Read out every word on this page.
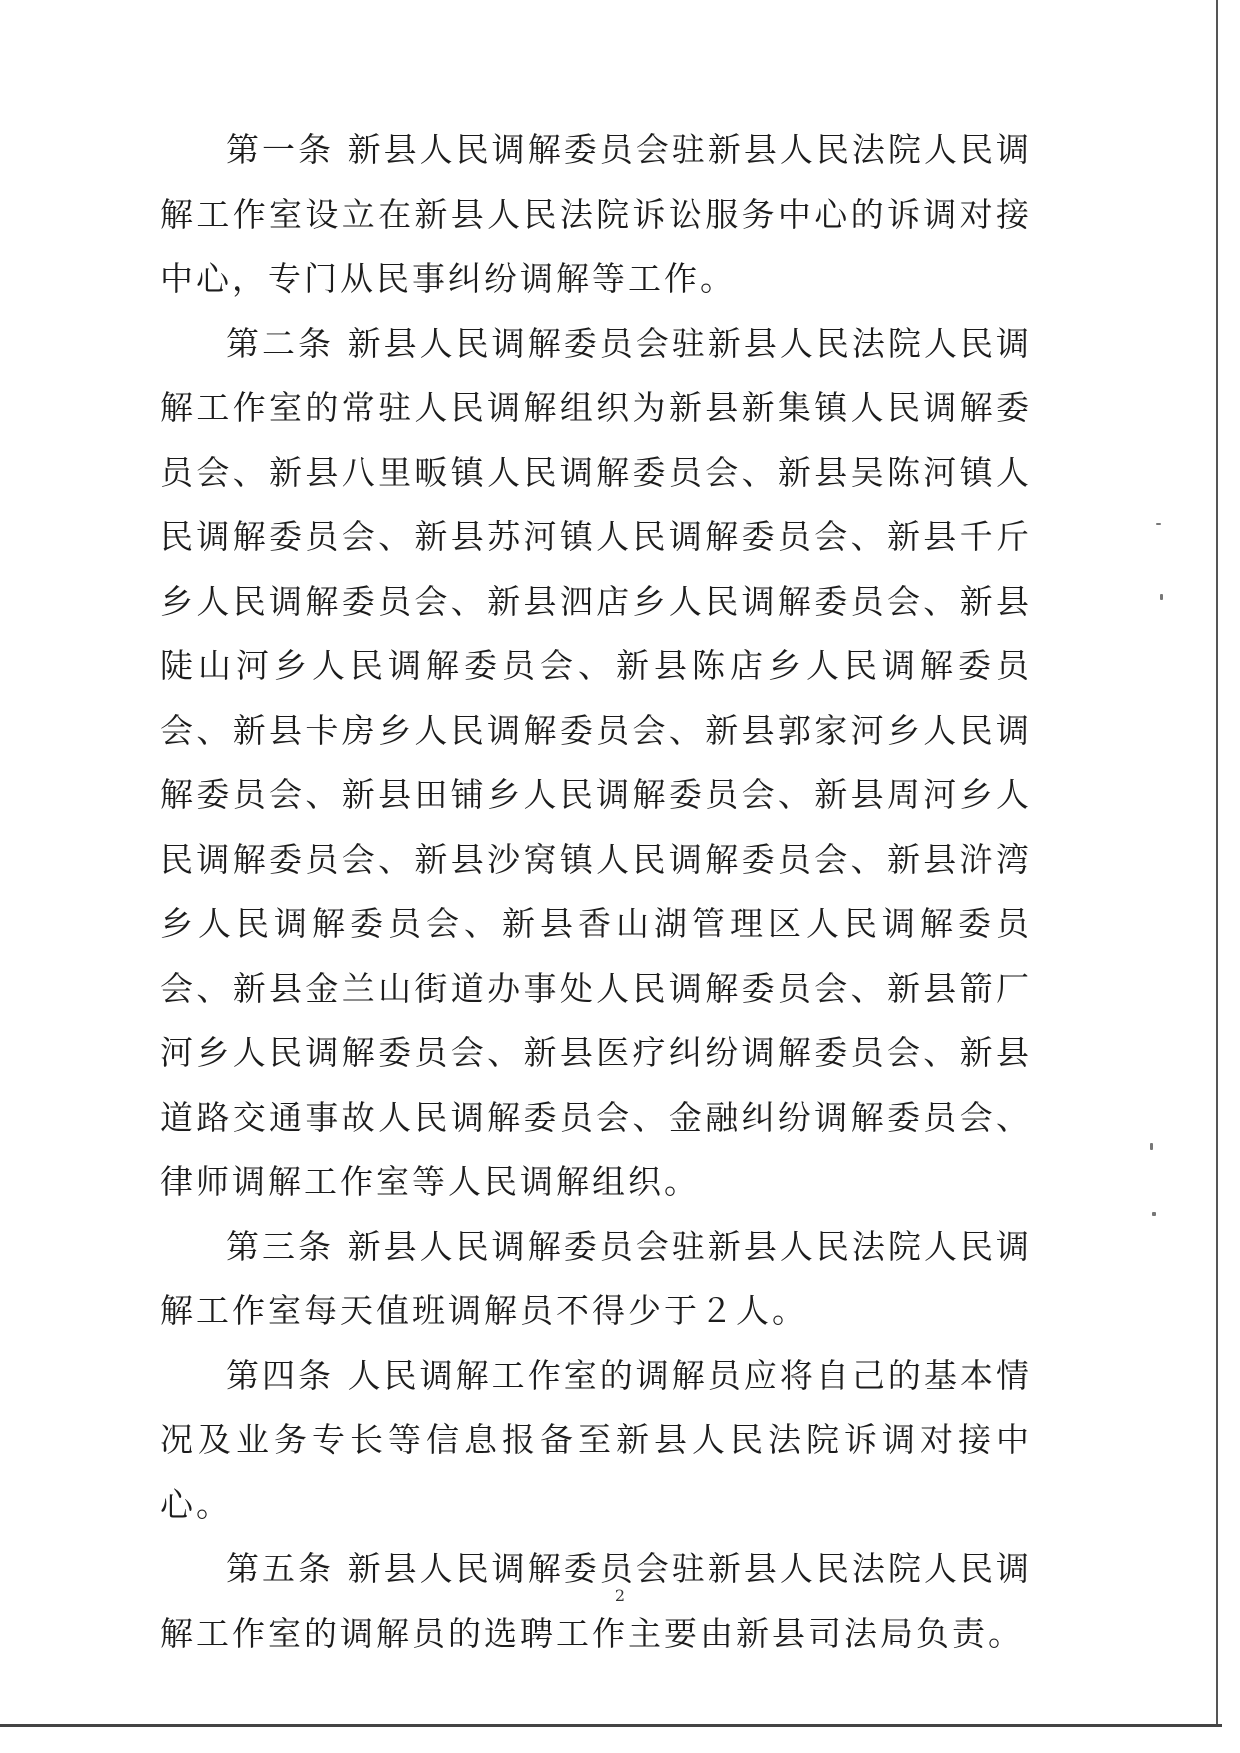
第一条 新县人民调解委员会驻新县人民法院人民调解工作室设立在新县人民法院诉讼服务中心的诉调对接中心，专门从民事纠纷调解等工作。

第二条 新县人民调解委员会驻新县人民法院人民调解工作室的常驻人民调解组织为新县新集镇人民调解委员会、新县八里畈镇人民调解委员会、新县吴陈河镇人民调解委员会、新县苏河镇人民调解委员会、新县千斤乡人民调解委员会、新县泗店乡人民调解委员会、新县陡山河乡人民调解委员会、新县陈店乡人民调解委员会、新县卡房乡人民调解委员会、新县郭家河乡人民调解委员会、新县田铺乡人民调解委员会、新县周河乡人民调解委员会、新县沙窝镇人民调解委员会、新县浒湾乡人民调解委员会、新县香山湖管理区人民调解委员会、新县金兰山街道办事处人民调解委员会、新县箭厂河乡人民调解委员会、新县医疗纠纷调解委员会、新县道路交通事故人民调解委员会、金融纠纷调解委员会、律师调解工作室等人民调解组织。

第三条 新县人民调解委员会驻新县人民法院人民调解工作室每天值班调解员不得少于２人。

第四条 人民调解工作室的调解员应将自己的基本情况及业务专长等信息报备至新县人民法院诉调对接中心。

第五条 新县人民调解委员会驻新县人民法院人民调解工作室的调解员的选聘工作主要由新县司法局负责。

2
